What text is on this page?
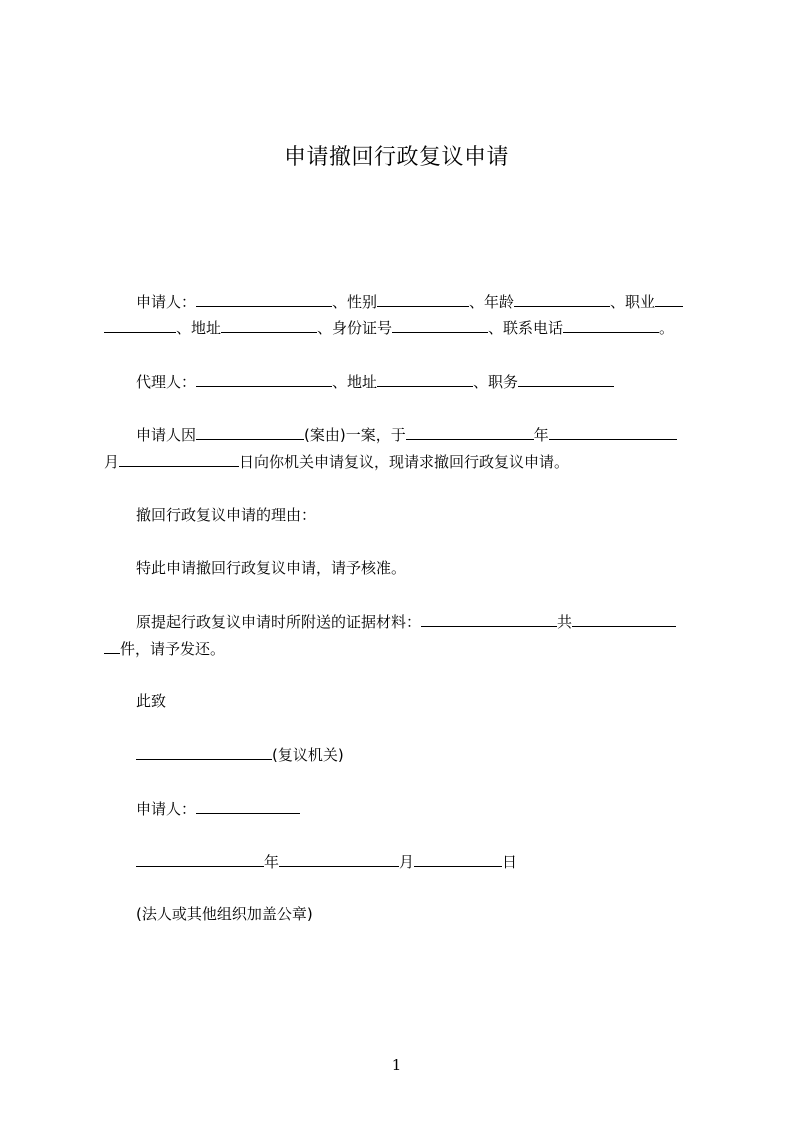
申请撤回行政复议申请
申请人：	、性别	、年龄	、职业
、地址	、身份证号	、联系电话	。
代理人：	、地址	、职务
申请人因	(案由)一案，于	年
月	日向你机关申请复议，现请求撤回行政复议申请。
撤回行政复议申请的理由：
特此申请撤回行政复议申请，请予核准。
原提起行政复议申请时所附送的证据材料：	共
件，请予发还。
此致
(复议机关)
申请人：
年	月	日
(法人或其他组织加盖公章)
1
